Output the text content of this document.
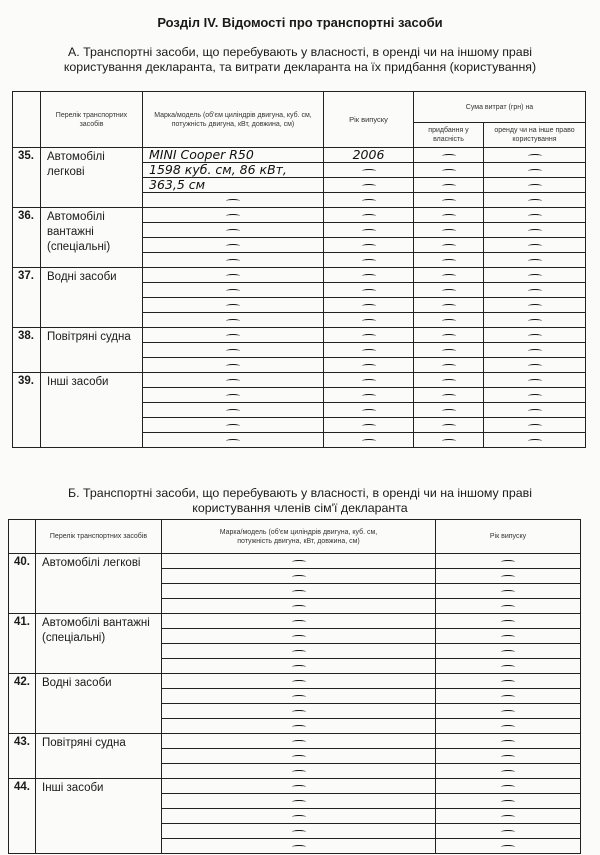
Розділ IV. Відомості про транспортні засоби
А. Транспортні засоби, що перебувають у власності, в оренді чи на іншому праві користування декларанта, та витрати декларанта на їх придбання (користування)
	Перелік транспортних засобів	Марка/модель (об'єм циліндрів двигуна, куб. см, потужність двигуна, кВт, довжина, см)	Рік випуску	Сума витрат (грн) на	
				придбання у власність	оренду чи на інше право користування
35.	Автомобілі легкові	MINI Cooper R50	2006		
		1598 куб. см, 86 кВт,			
		363,5 см			

36.	Автомобілі вантажні (спеціальні)				

37.	Водні засоби				

38.	Повітряні судна				

39.	Інші засоби				

Б. Транспортні засоби, що перебувають у власності, в оренді чи на іншому праві користування членів сім'ї декларанта
	Перелік транспортних засобів	Марка/модель (об'єм циліндрів двигуна, куб. см, потужність двигуна, кВт, довжина, см)	Рік випуску
40.	Автомобілі легкові		

41.	Автомобілі вантажні (спеціальні)		

42.	Водні засоби		

43.	Повітряні судна		

44.	Інші засоби		
